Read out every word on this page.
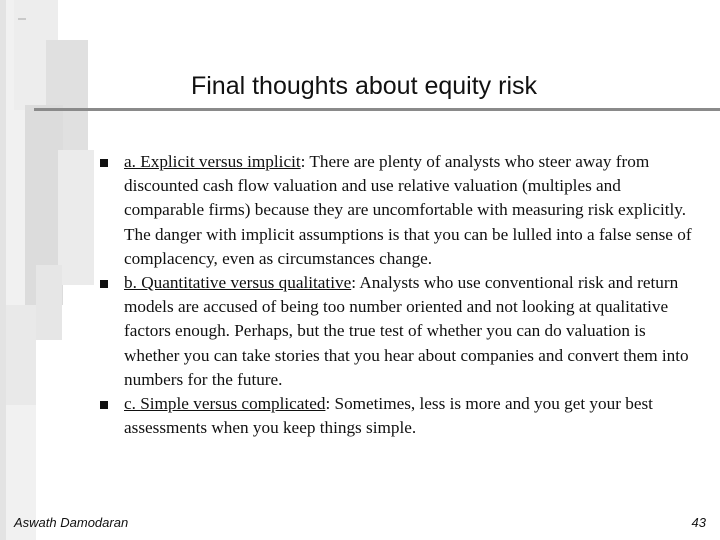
Final thoughts about equity risk
a. Explicit versus implicit: There are plenty of analysts who steer away from discounted cash flow valuation and use relative valuation (multiples and comparable firms) because they are uncomfortable with measuring risk explicitly. The danger with implicit assumptions is that you can be lulled into a false sense of complacency, even as circumstances change.
b. Quantitative versus qualitative: Analysts who use conventional risk and return models are accused of being too number oriented and not looking at qualitative factors enough. Perhaps, but the true test of whether you can do valuation is whether you can take stories that you hear about companies and convert them into numbers for the future.
c. Simple versus complicated: Sometimes, less is more and you get your best assessments when you keep things simple.
Aswath Damodaran	43
